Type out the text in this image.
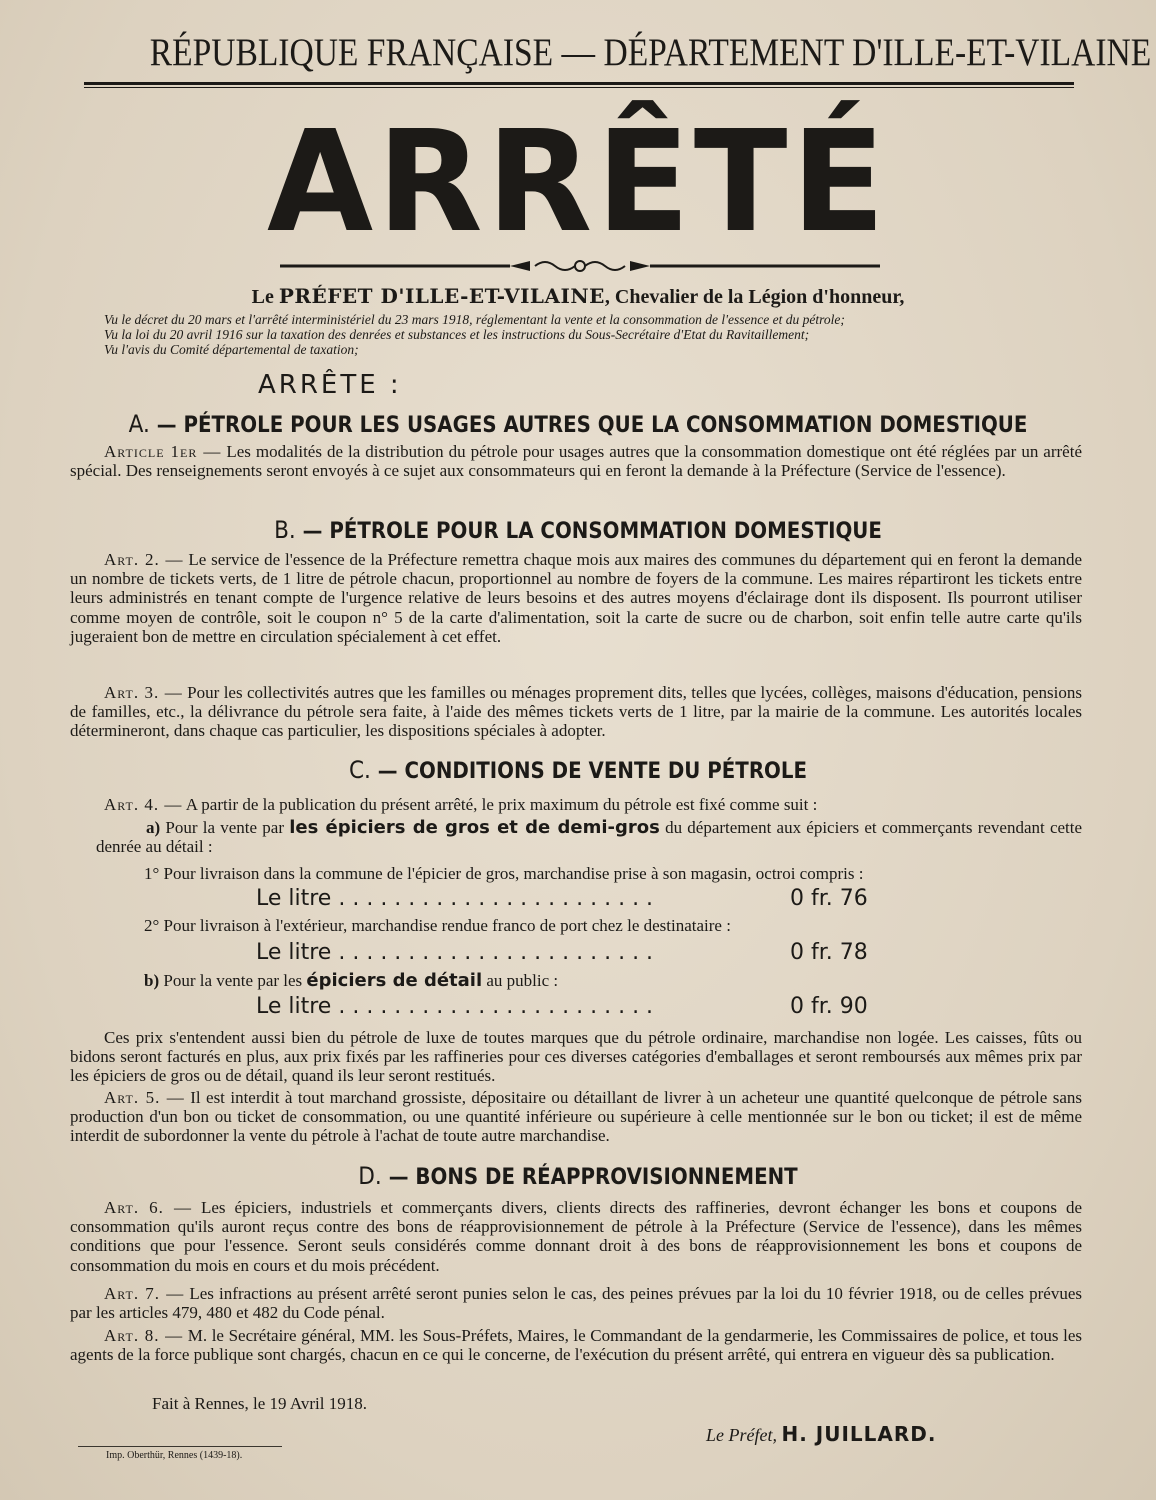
RÉPUBLIQUE FRANÇAISE — DÉPARTEMENT D'ILLE-ET-VILAINE
ARRÊTÉ
Le PRÉFET D'ILLE-ET-VILAINE, Chevalier de la Légion d'honneur,
Vu le décret du 20 mars et l'arrêté interministériel du 23 mars 1918, réglementant la vente et la consommation de l'essence et du pétrole;
Vu la loi du 20 avril 1916 sur la taxation des denrées et substances et les instructions du Sous-Secrétaire d'Etat du Ravitaillement;
Vu l'avis du Comité départemental de taxation;
ARRÊTE :
A. — PÉTROLE POUR LES USAGES AUTRES QUE LA CONSOMMATION DOMESTIQUE
Article 1er — Les modalités de la distribution du pétrole pour usages autres que la consommation domestique ont été réglées par un arrêté spécial. Des renseignements seront envoyés à ce sujet aux consommateurs qui en feront la demande à la Préfecture (Service de l'essence).
B. — PÉTROLE POUR LA CONSOMMATION DOMESTIQUE
Art. 2. — Le service de l'essence de la Préfecture remettra chaque mois aux maires des communes du département qui en feront la demande un nombre de tickets verts, de 1 litre de pétrole chacun, proportionnel au nombre de foyers de la commune. Les maires répartiront les tickets entre leurs administrés en tenant compte de l'urgence relative de leurs besoins et des autres moyens d'éclairage dont ils disposent. Ils pourront utiliser comme moyen de contrôle, soit le coupon n° 5 de la carte d'alimentation, soit la carte de sucre ou de charbon, soit enfin telle autre carte qu'ils jugeraient bon de mettre en circulation spécialement à cet effet.
Art. 3. — Pour les collectivités autres que les familles ou ménages proprement dits, telles que lycées, collèges, maisons d'éducation, pensions de familles, etc., la délivrance du pétrole sera faite, à l'aide des mêmes tickets verts de 1 litre, par la mairie de la commune. Les autorités locales détermineront, dans chaque cas particulier, les dispositions spéciales à adopter.
C. — CONDITIONS DE VENTE DU PÉTROLE
Art. 4. — A partir de la publication du présent arrêté, le prix maximum du pétrole est fixé comme suit :
a) Pour la vente par les épiciers de gros et de demi-gros du département aux épiciers et commerçants revendant cette denrée au détail :
1° Pour livraison dans la commune de l'épicier de gros, marchandise prise à son magasin, octroi compris :
Le litre . . . . . . . . . . . . . . . . . . . . . . .	0 fr. 76
2° Pour livraison à l'extérieur, marchandise rendue franco de port chez le destinataire :
Le litre . . . . . . . . . . . . . . . . . . . . . . .	0 fr. 78
b) Pour la vente par les épiciers de détail au public :
Le litre . . . . . . . . . . . . . . . . . . . . . . .	0 fr. 90
Ces prix s'entendent aussi bien du pétrole de luxe de toutes marques que du pétrole ordinaire, marchandise non logée. Les caisses, fûts ou bidons seront facturés en plus, aux prix fixés par les raffineries pour ces diverses catégories d'emballages et seront remboursés aux mêmes prix par les épiciers de gros ou de détail, quand ils leur seront restitués.
Art. 5. — Il est interdit à tout marchand grossiste, dépositaire ou détaillant de livrer à un acheteur une quantité quelconque de pétrole sans production d'un bon ou ticket de consommation, ou une quantité inférieure ou supérieure à celle mentionnée sur le bon ou ticket; il est de même interdit de subordonner la vente du pétrole à l'achat de toute autre marchandise.
D. — BONS DE RÉAPPROVISIONNEMENT
Art. 6. — Les épiciers, industriels et commerçants divers, clients directs des raffineries, devront échanger les bons et coupons de consommation qu'ils auront reçus contre des bons de réapprovisionnement de pétrole à la Préfecture (Service de l'essence), dans les mêmes conditions que pour l'essence. Seront seuls considérés comme donnant droit à des bons de réapprovisionnement les bons et coupons de consommation du mois en cours et du mois précédent.
Art. 7. — Les infractions au présent arrêté seront punies selon le cas, des peines prévues par la loi du 10 février 1918, ou de celles prévues par les articles 479, 480 et 482 du Code pénal.
Art. 8. — M. le Secrétaire général, MM. les Sous-Préfets, Maires, le Commandant de la gendarmerie, les Commissaires de police, et tous les agents de la force publique sont chargés, chacun en ce qui le concerne, de l'exécution du présent arrêté, qui entrera en vigueur dès sa publication.
Fait à Rennes, le 19 Avril 1918.
Le Préfet, H. JUILLARD.
Imp. Oberthür, Rennes (1439-18).
